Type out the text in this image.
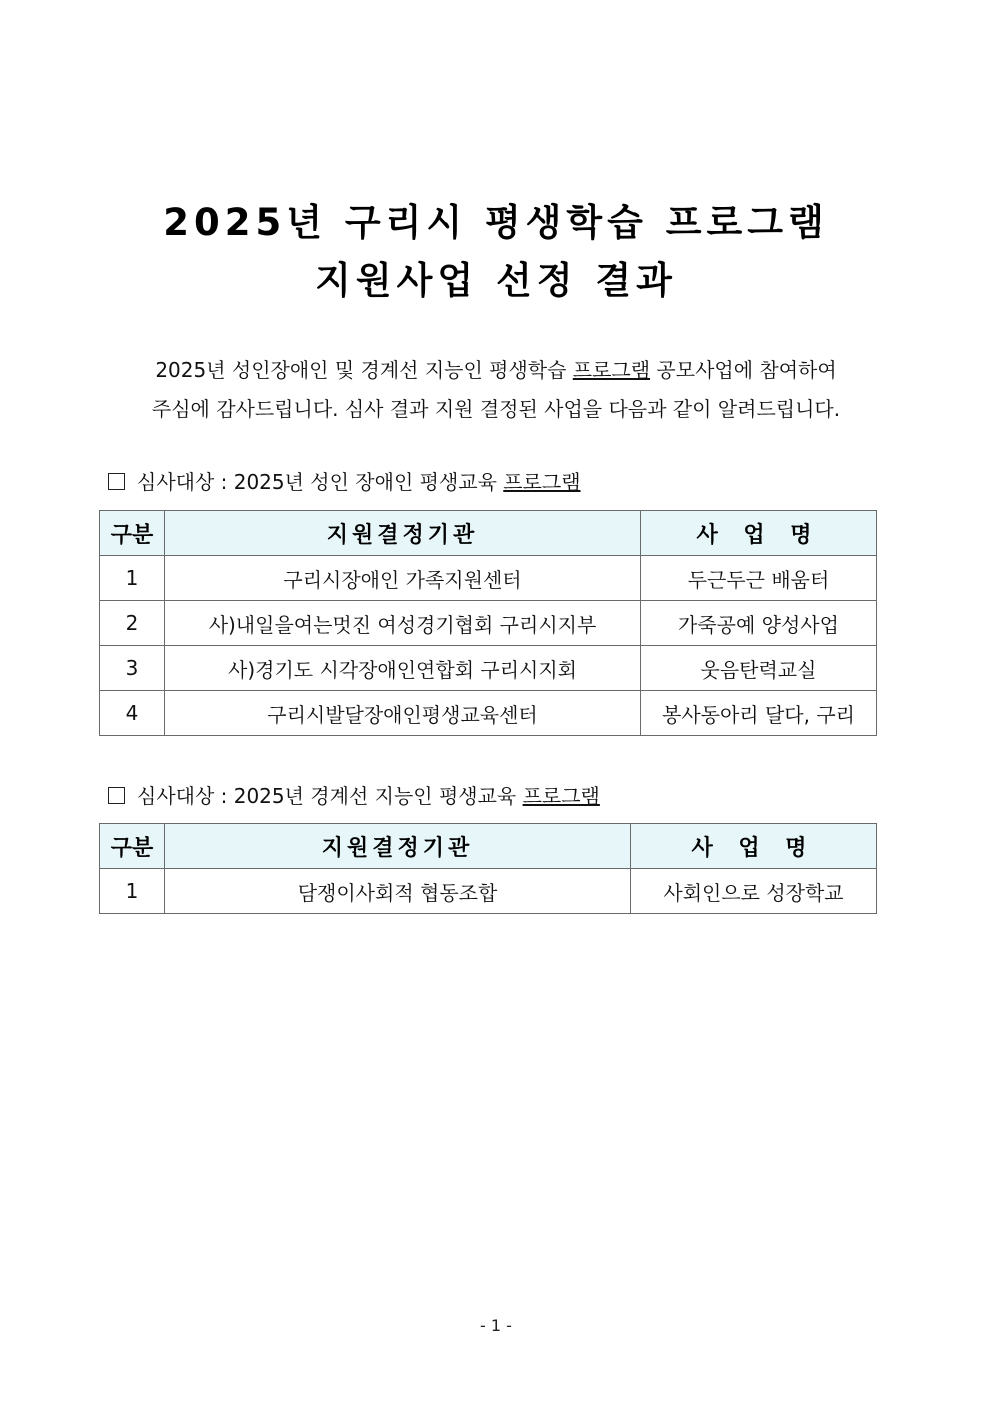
2025년 구리시 평생학습 프로그램
지원사업 선정 결과
2025년 성인장애인 및 경계선 지능인 평생학습 프로그램 공모사업에 참여하여
주심에 감사드립니다. 심사 결과 지원 결정된 사업을 다음과 같이 알려드립니다.
심사대상 : 2025년 성인 장애인 평생교육 프로그램
구분	지원결정기관	사 업 명
1	구리시장애인 가족지원센터	두근두근 배움터
2	사)내일을여는멋진 여성경기협회 구리시지부	가죽공예 양성사업
3	사)경기도 시각장애인연합회 구리시지회	웃음탄력교실
4	구리시발달장애인평생교육센터	봉사동아리 달다, 구리
심사대상 : 2025년 경계선 지능인 평생교육 프로그램
구분	지원결정기관	사 업 명
1	담쟁이사회적 협동조합	사회인으로 성장학교
- 1 -
